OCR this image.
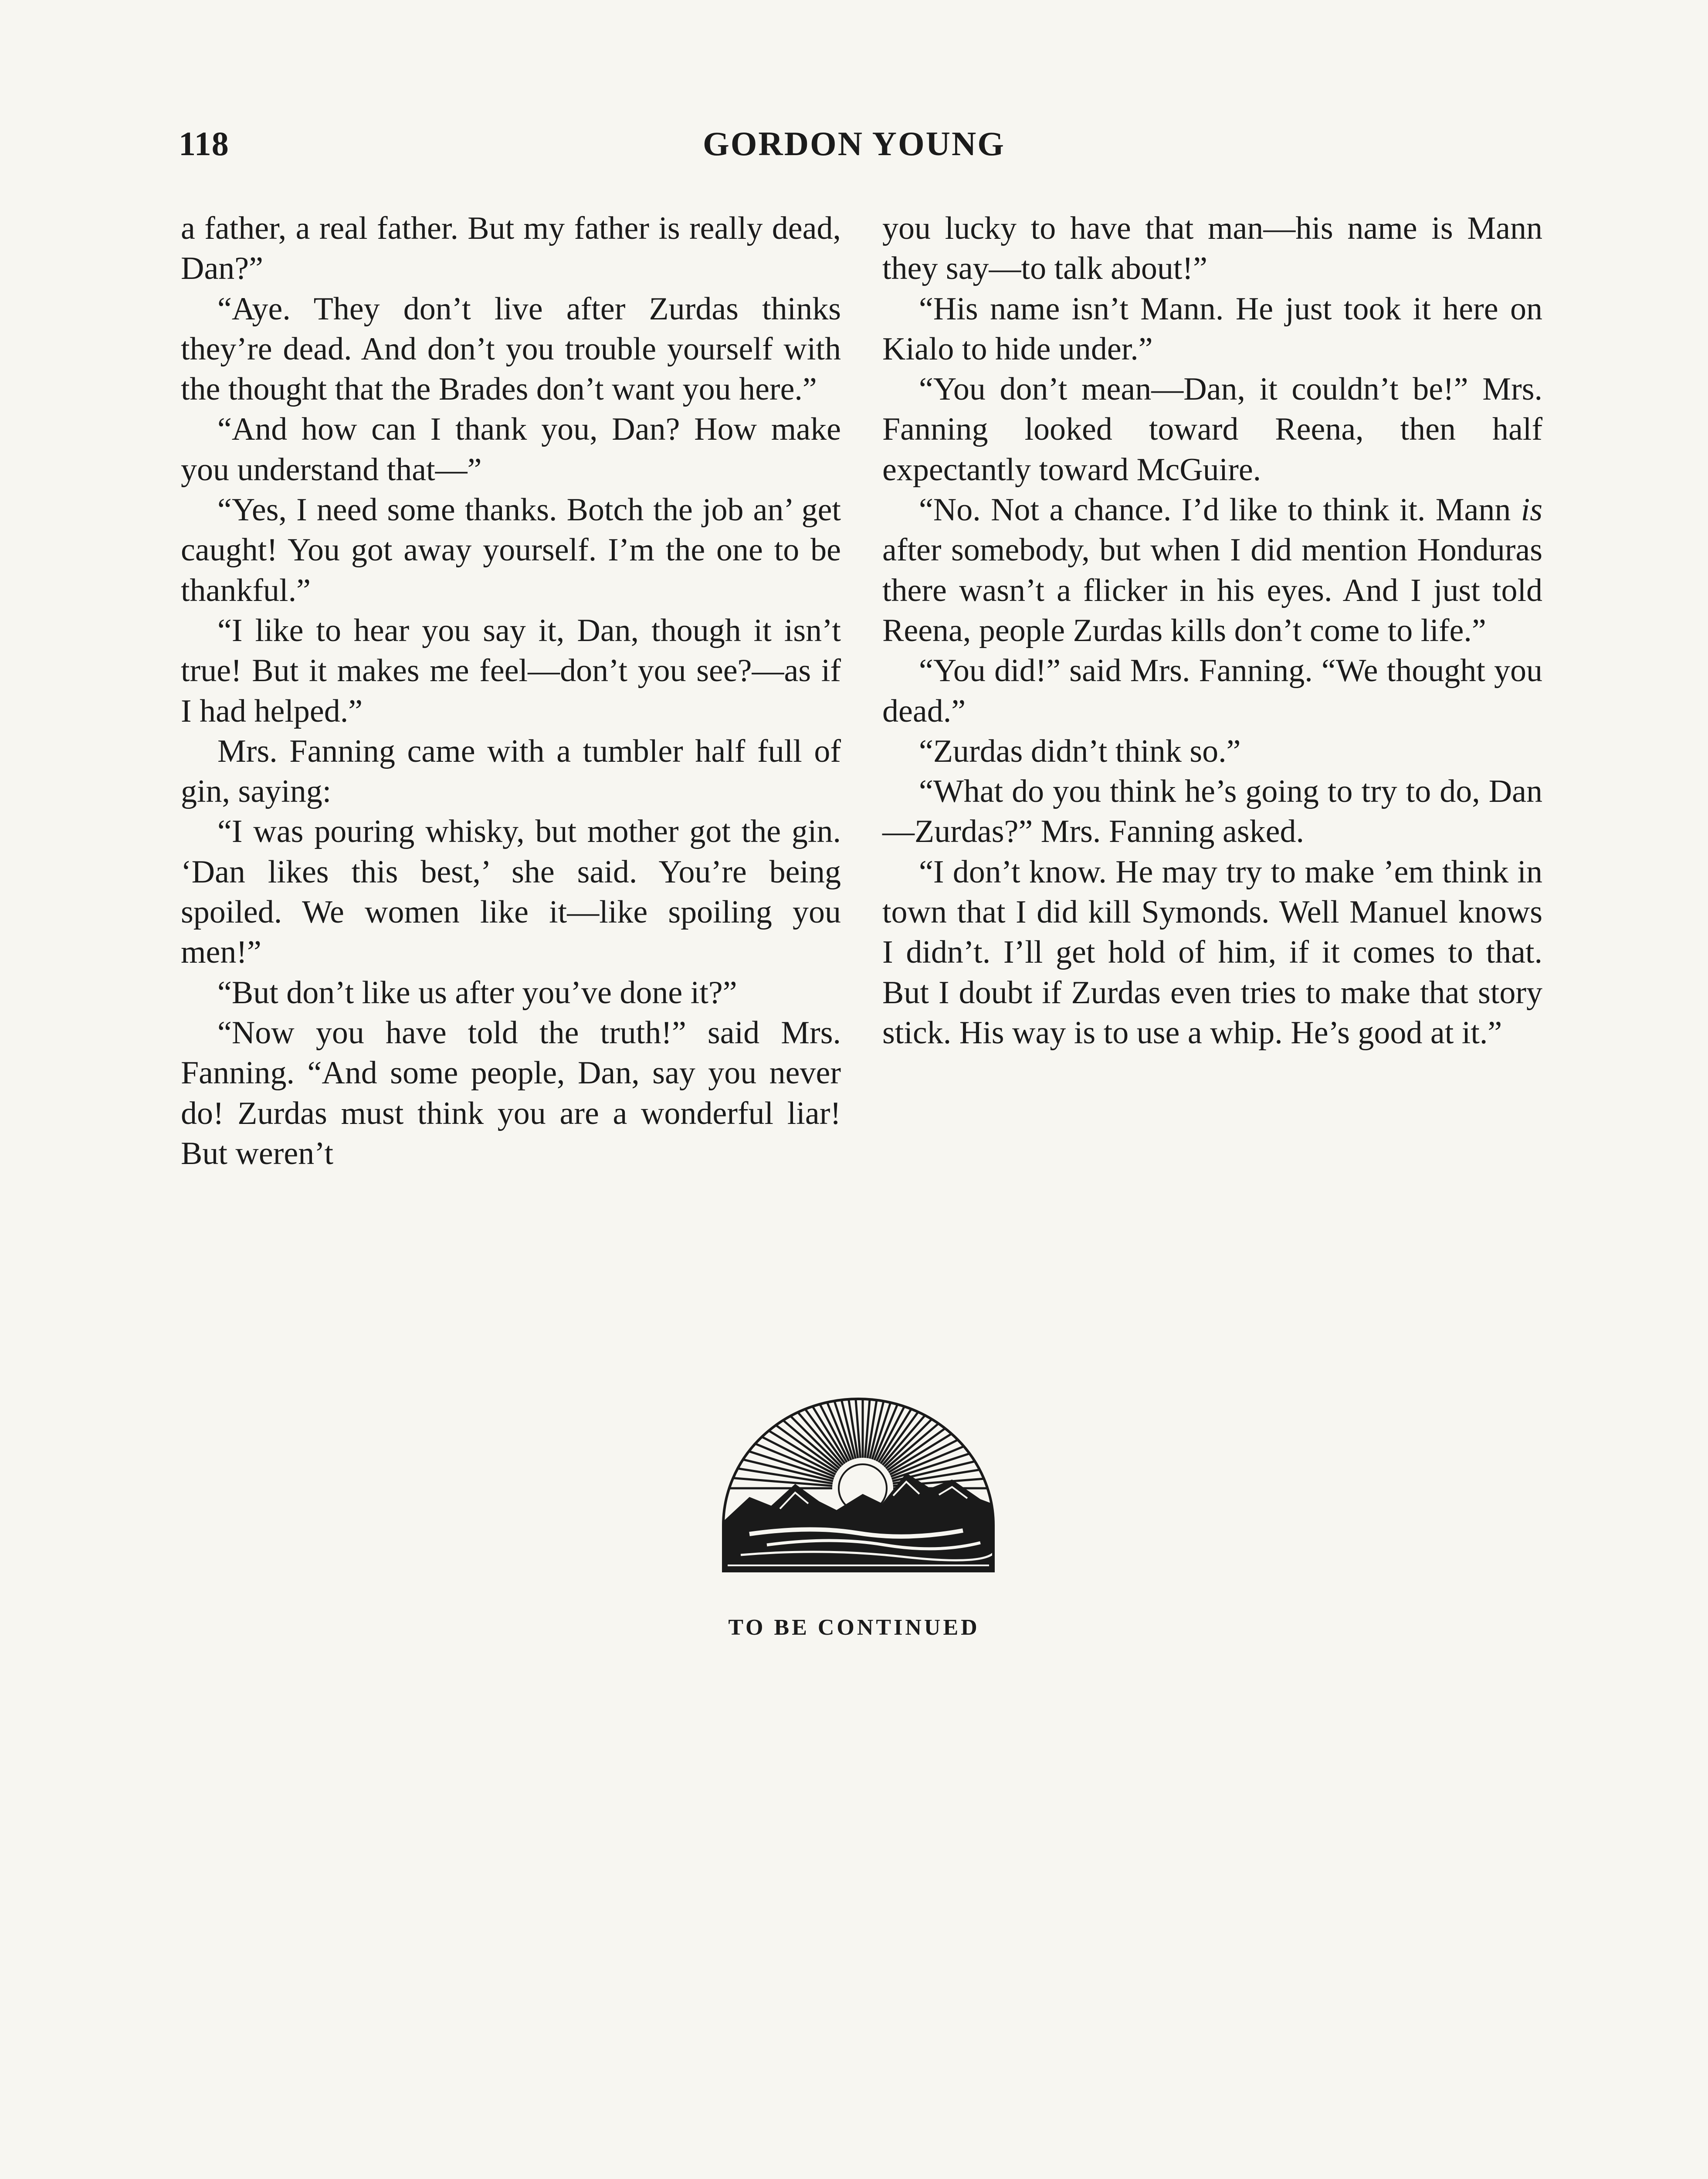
118	GORDON YOUNG

a father, a real father. But my father is really dead, Dan?”

“Aye. They don’t live after Zurdas thinks they’re dead. And don’t you trouble yourself with the thought that the Brades don’t want you here.”

“And how can I thank you, Dan? How make you understand that—”

“Yes, I need some thanks. Botch the job an’ get caught! You got away yourself. I’m the one to be thankful.”

“I like to hear you say it, Dan, though it isn’t true! But it makes me feel—don’t you see?—as if I had helped.”

Mrs. Fanning came with a tumbler half full of gin, saying:

“I was pouring whisky, but mother got the gin. ‘Dan likes this best,’ she said. You’re being spoiled. We women like it—like spoiling you men!”

“But don’t like us after you’ve done it?”

“Now you have told the truth!” said Mrs. Fanning. “And some people, Dan, say you never do! Zurdas must think you are a wonderful liar! But weren’t

you lucky to have that man—his name is Mann they say—to talk about!”

“His name isn’t Mann. He just took it here on Kialo to hide under.”

“You don’t mean—Dan, it couldn’t be!” Mrs. Fanning looked toward Reena, then half expectantly toward McGuire.

“No. Not a chance. I’d like to think it. Mann is after somebody, but when I did mention Honduras there wasn’t a flicker in his eyes. And I just told Reena, people Zurdas kills don’t come to life.”

“You did!” said Mrs. Fanning. “We thought you dead.”

“Zurdas didn’t think so.”

“What do you think he’s going to try to do, Dan—Zurdas?” Mrs. Fanning asked.

“I don’t know. He may try to make ’em think in town that I did kill Symonds. Well Manuel knows I didn’t. I’ll get hold of him, if it comes to that. But I doubt if Zurdas even tries to make that story stick. His way is to use a whip. He’s good at it.”

TO BE CONTINUED
